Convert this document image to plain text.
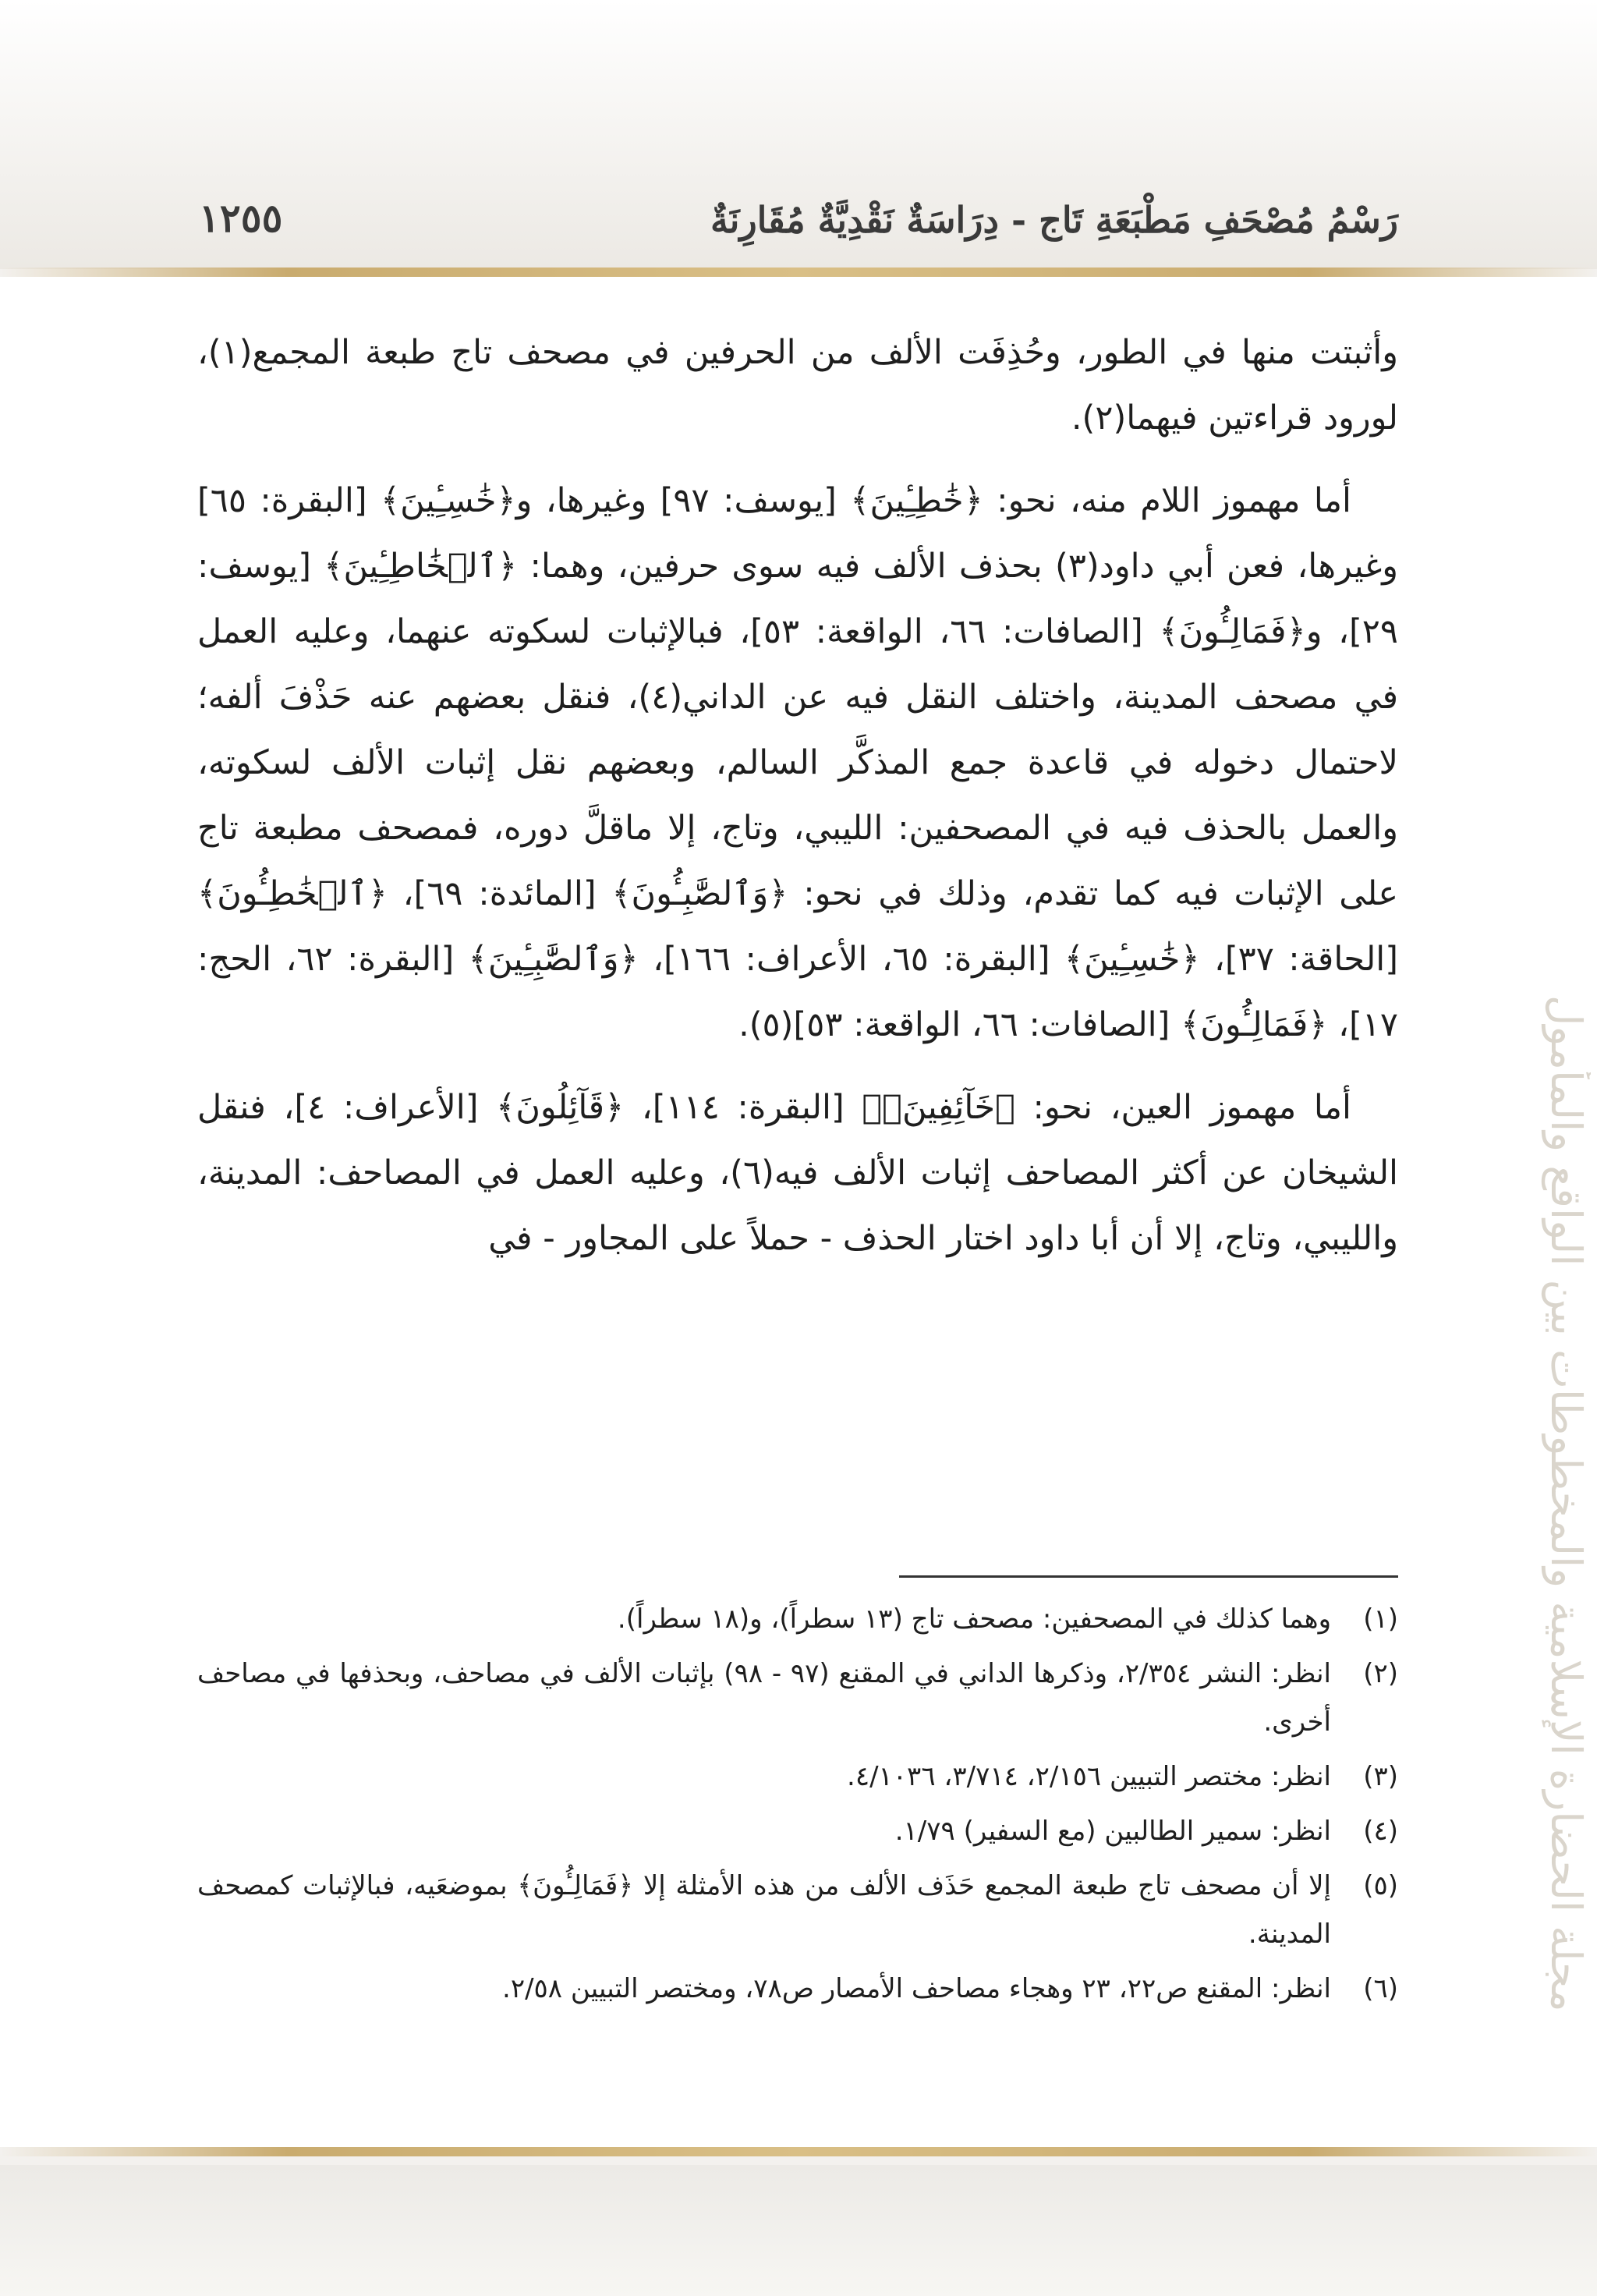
رَسْمُ مُصْحَفِ مَطْبَعَةِ تَاج - دِرَاسَةٌ نَقْدِيَّةٌ مُقَارِنَةٌ
١٢٥٥
مجلة الحضارة الإسلامية والمخطوطات بين الواقع والمأمول

وأثبتت منها في الطور، وحُذِفَت الألف من الحرفين في مصحف تاج طبعة المجمع(١)، لورود قراءتين فيهما(٢).

أما مهموز اللام منه، نحو: ﴿خَٰطِـِٔينَ﴾ [يوسف: ٩٧] وغيرها، و﴿خَٰسِـِٔينَ﴾ [البقرة: ٦٥] وغيرها، فعن أبي داود(٣) بحذف الألف فيه سوى حرفين، وهما: ﴿ٱلۡخَٰاطِـِٔينَ﴾ [يوسف: ٢٩]، و﴿فَمَالِـُٔونَ﴾ [الصافات: ٦٦، الواقعة: ٥٣]، فبالإثبات لسكوته عنهما، وعليه العمل في مصحف المدينة، واختلف النقل فيه عن الداني(٤)، فنقل بعضهم عنه حَذْفَ ألفه؛ لاحتمال دخوله في قاعدة جمع المذكَّر السالم، وبعضهم نقل إثبات الألف لسكوته، والعمل بالحذف فيه في المصحفين: الليبي، وتاج، إلا ماقلَّ دوره، فمصحف مطبعة تاج على الإثبات فيه كما تقدم، وذلك في نحو: ﴿وَٱلصَّٰبِـُٔونَ﴾ [المائدة: ٦٩]، ﴿ٱلۡخَٰطِـُٔونَ﴾ [الحاقة: ٣٧]، ﴿خَٰسِـِٔينَ﴾ [البقرة: ٦٥، الأعراف: ١٦٦]، ﴿وَٱلصَّٰبِـِٔينَ﴾ [البقرة: ٦٢، الحج: ١٧]، ﴿فَمَالِـُٔونَ﴾ [الصافات: ٦٦، الواقعة: ٥٣](٥).

أما مهموز العين، نحو: ﴿خَآئِفِينَۚ﴾ [البقرة: ١١٤]، ﴿قَآئِلُونَ﴾ [الأعراف: ٤]، فنقل الشيخان عن أكثر المصاحف إثبات الألف فيه(٦)، وعليه العمل في المصاحف: المدينة، والليبي، وتاج، إلا أن أبا داود اختار الحذف - حملاً على المجاور - في

(١)
وهما كذلك في المصحفين: مصحف تاج (١٣ سطراً)، و(١٨ سطراً).
(٢)
انظر: النشر ٢/٣٥٤، وذكرها الداني في المقنع (٩٧ - ٩٨) بإثبات الألف في مصاحف، وبحذفها في مصاحف أخرى.
(٣)
انظر: مختصر التبيين ٢/١٥٦، ٣/٧١٤، ٤/١٠٣٦.
(٤)
انظر: سمير الطالبين (مع السفير) ١/٧٩.
(٥)
إلا أن مصحف تاج طبعة المجمع حَذَف الألف من هذه الأمثلة إلا ﴿فَمَالِـُٔونَ﴾ بموضعَيه، فبالإثبات كمصحف المدينة.
(٦)
انظر: المقنع ص٢٢، ٢٣ وهجاء مصاحف الأمصار ص٧٨، ومختصر التبيين ٢/٥٨.
